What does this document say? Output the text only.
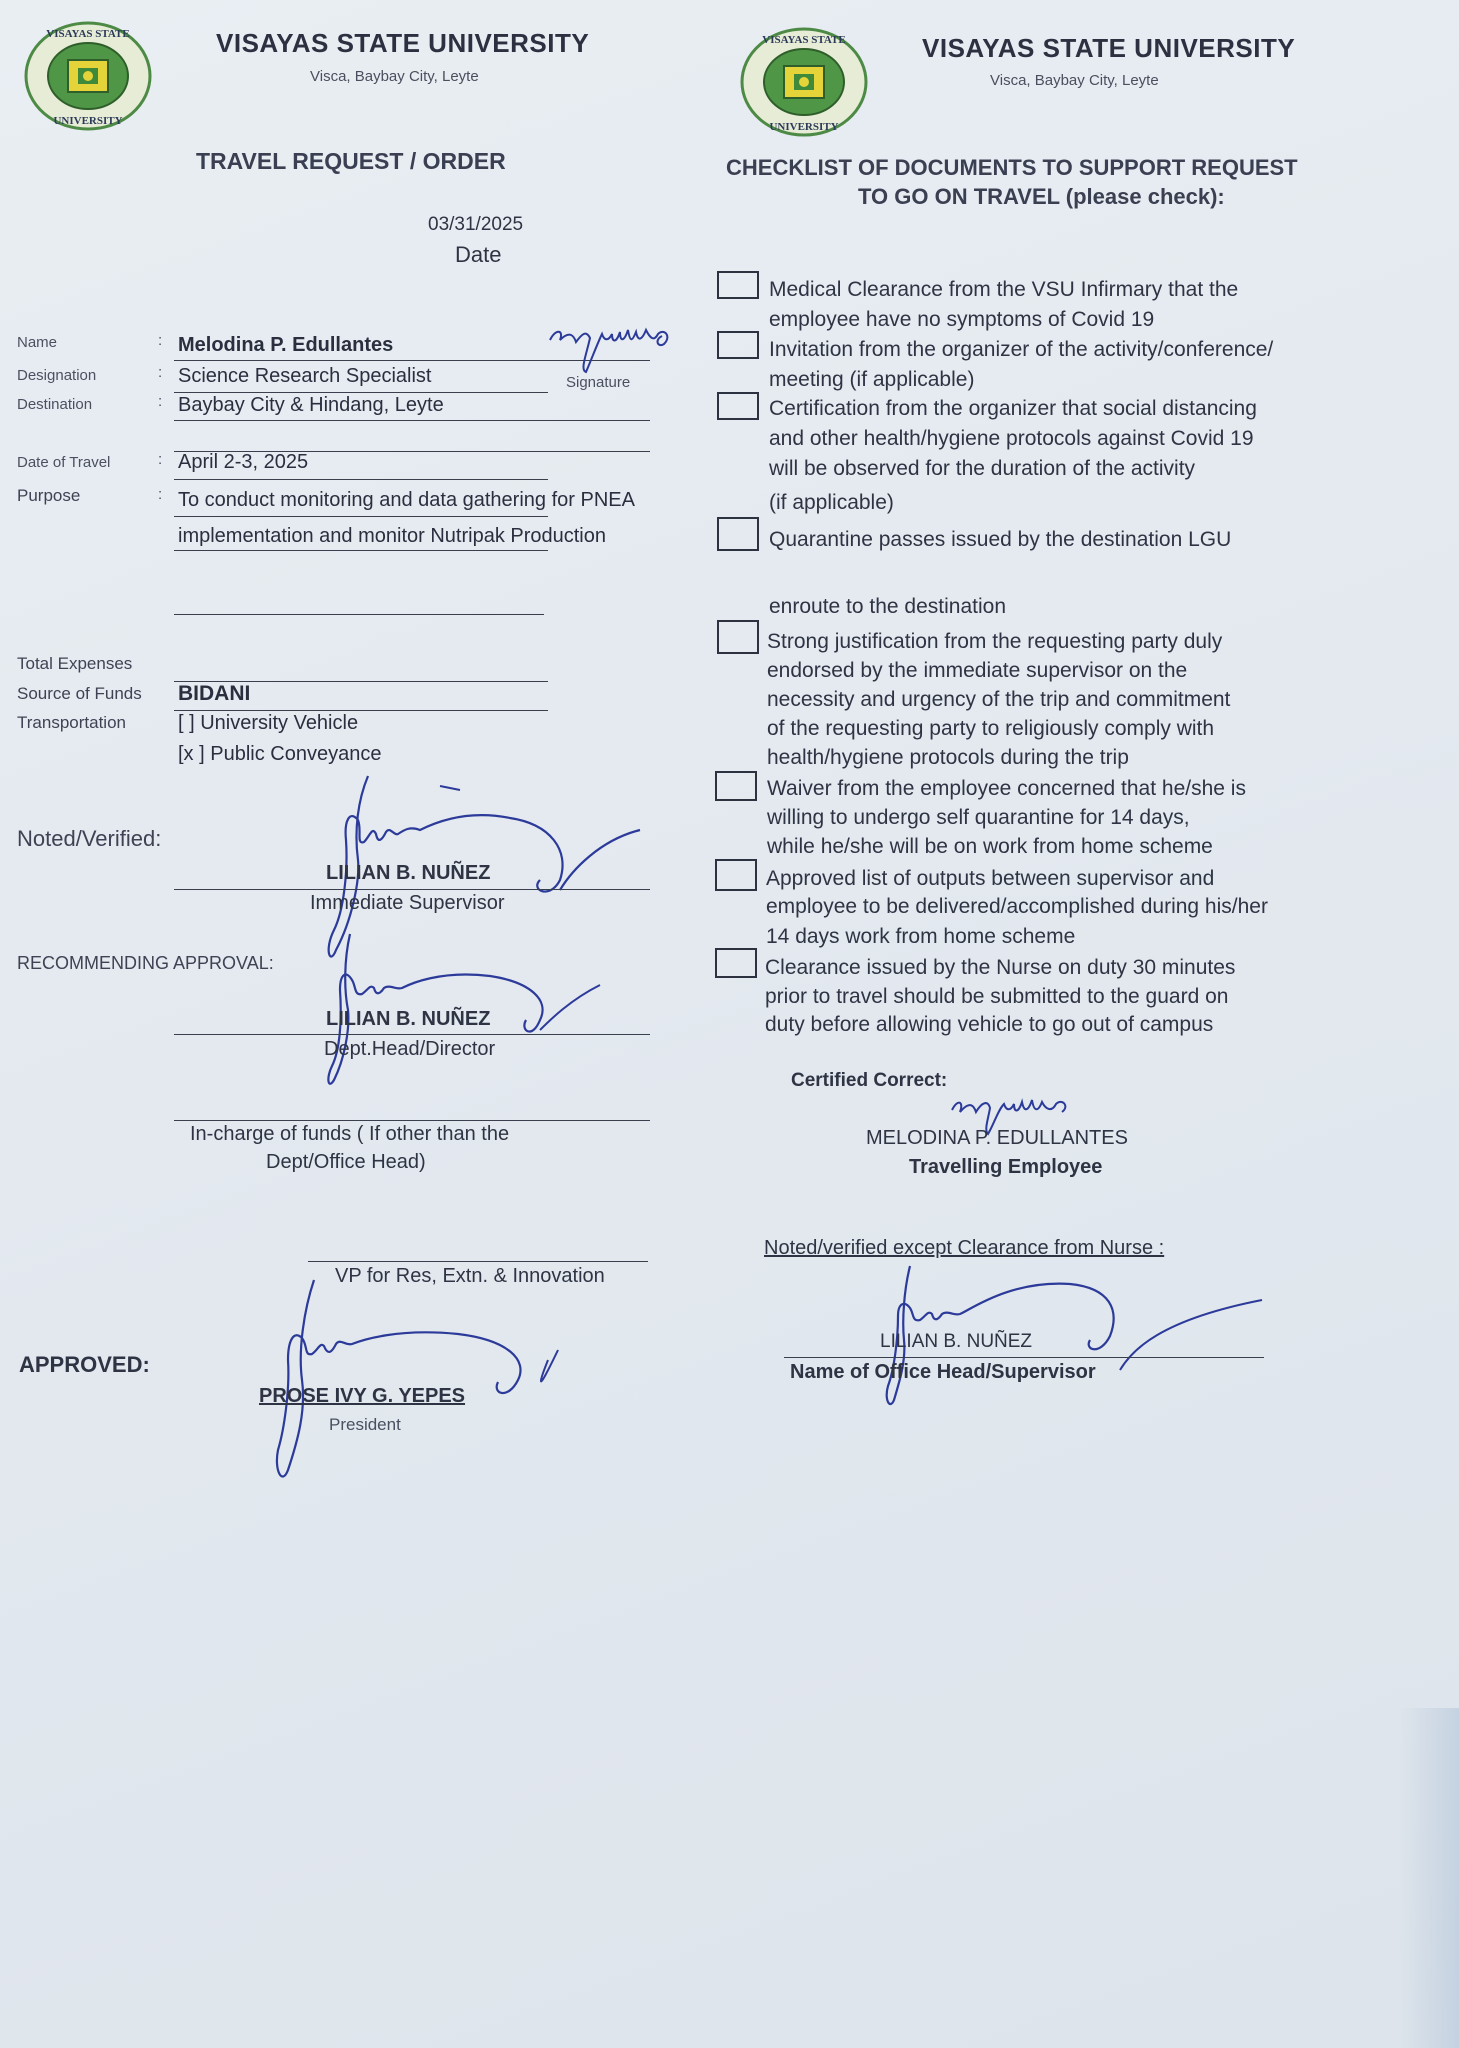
VISAYAS STATE
UNIVERSITY
VISAYAS STATE UNIVERSITY
Visca, Baybay City, Leyte
TRAVEL REQUEST / ORDER
03/31/2025
Date
Name	: Melodina P. Edullantes
Signature
Designation	: Science Research Specialist
Destination	: Baybay City & Hindang, Leyte
Date of Travel	: April 2-3, 2025
Purpose	: To conduct monitoring and data gathering for PNEA
implementation and monitor Nutripak Production
Total Expenses
Source of Funds BIDANI
Transportation	[ ] University Vehicle
[x ] Public Conveyance
Noted/Verified:
LILIAN B. NUÑEZ
Immediate Supervisor
RECOMMENDING APPROVAL:
LILIAN B. NUÑEZ
Dept.Head/Director
In-charge of funds ( If other than the
Dept/Office Head)
VP for Res, Extn. & Innovation
APPROVED:
PROSE IVY G. YEPES
President
VISAYAS STATE
UNIVERSITY
VISAYAS STATE UNIVERSITY
Visca, Baybay City, Leyte
CHECKLIST OF DOCUMENTS TO SUPPORT REQUEST
TO GO ON TRAVEL (please check):
Medical Clearance from the VSU Infirmary that the
employee have no symptoms of Covid 19
Invitation from the organizer of the activity/conference/
meeting (if applicable)
Certification from the organizer that social distancing
and other health/hygiene protocols against Covid 19
will be observed for the duration of the activity
(if applicable)
Quarantine passes issued by the destination LGU
enroute to the destination
Strong justification from the requesting party duly
endorsed by the immediate supervisor on the
necessity and urgency of the trip and commitment
of the requesting party to religiously comply with
health/hygiene protocols during the trip
Waiver from the employee concerned that he/she is
willing to undergo self quarantine for 14 days,
while he/she will be on work from home scheme
Approved list of outputs between supervisor and
employee to be delivered/accomplished during his/her
14 days work from home scheme
Clearance issued by the Nurse on duty 30 minutes
prior to travel should be submitted to the guard on
duty before allowing vehicle to go out of campus
Certified Correct:
MELODINA P. EDULLANTES
Travelling Employee
Noted/verified except Clearance from Nurse :
LILIAN B. NUÑEZ
Name of Office Head/Supervisor
